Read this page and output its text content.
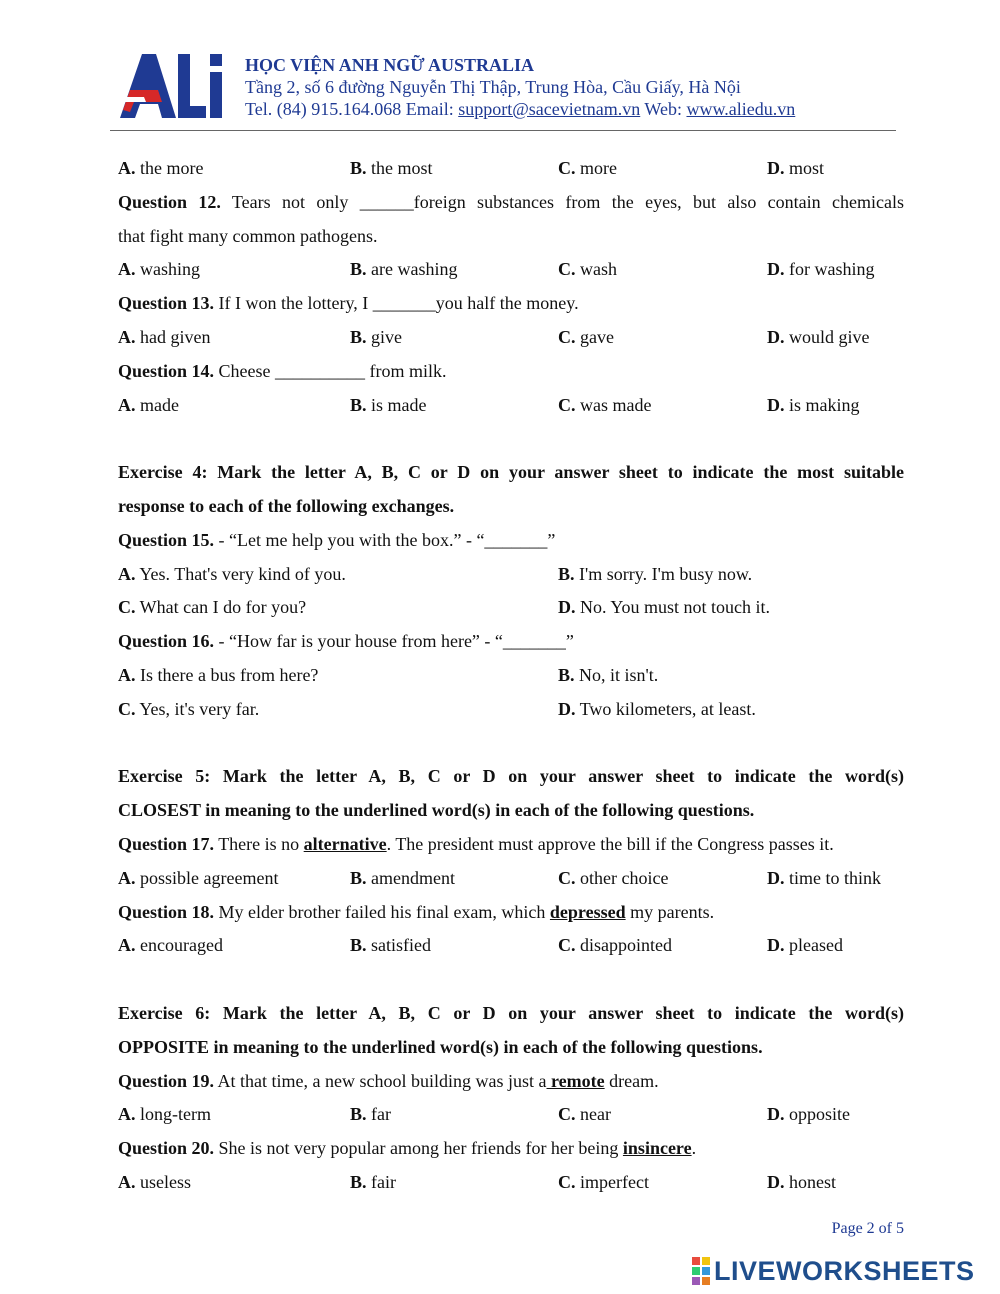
HỌC VIỆN ANH NGỮ AUSTRALIA
Tầng 2, số 6 đường Nguyễn Thị Thập, Trung Hòa, Cầu Giấy, Hà Nội
Tel. (84) 915.164.068 Email: support@sacevietnam.vn Web: www.aliedu.vn
A. the more	B. the most	C. more	D. most
Question 12. Tears not only ______foreign substances from the eyes, but also contain chemicals
that fight many common pathogens.
A. washing	B. are washing	C. wash	D. for washing
Question 13. If I won the lottery, I _______you half the money.
A. had given	B. give	C. gave	D. would give
Question 14. Cheese __________ from milk.
A. made	B. is made	C. was made	D. is making
Exercise 4: Mark the letter A, B, C or D on your answer sheet to indicate the most suitable
response to each of the following exchanges.
Question 15. - “Let me help you with the box.” - “_______”
A. Yes. That's very kind of you.	B. I'm sorry. I'm busy now.
C. What can I do for you?	D. No. You must not touch it.
Question 16. - “How far is your house from here” - “_______”
A. Is there a bus from here?	B. No, it isn't.
C. Yes, it's very far.	D. Two kilometers, at least.
Exercise 5: Mark the letter A, B, C or D on your answer sheet to indicate the word(s)
CLOSEST in meaning to the underlined word(s) in each of the following questions.
Question 17. There is no alternative. The president must approve the bill if the Congress passes it.
A. possible agreement	B. amendment	C. other choice	D. time to think
Question 18. My elder brother failed his final exam, which depressed my parents.
A. encouraged	B. satisfied	C. disappointed	D. pleased
Exercise 6: Mark the letter A, B, C or D on your answer sheet to indicate the word(s)
OPPOSITE in meaning to the underlined word(s) in each of the following questions.
Question 19. At that time, a new school building was just a remote dream.
A. long-term	B. far	C. near	D. opposite
Question 20. She is not very popular among her friends for her being insincere.
A. useless	B. fair	C. imperfect	D. honest
Page 2 of 5
LIVEWORKSHEETS
